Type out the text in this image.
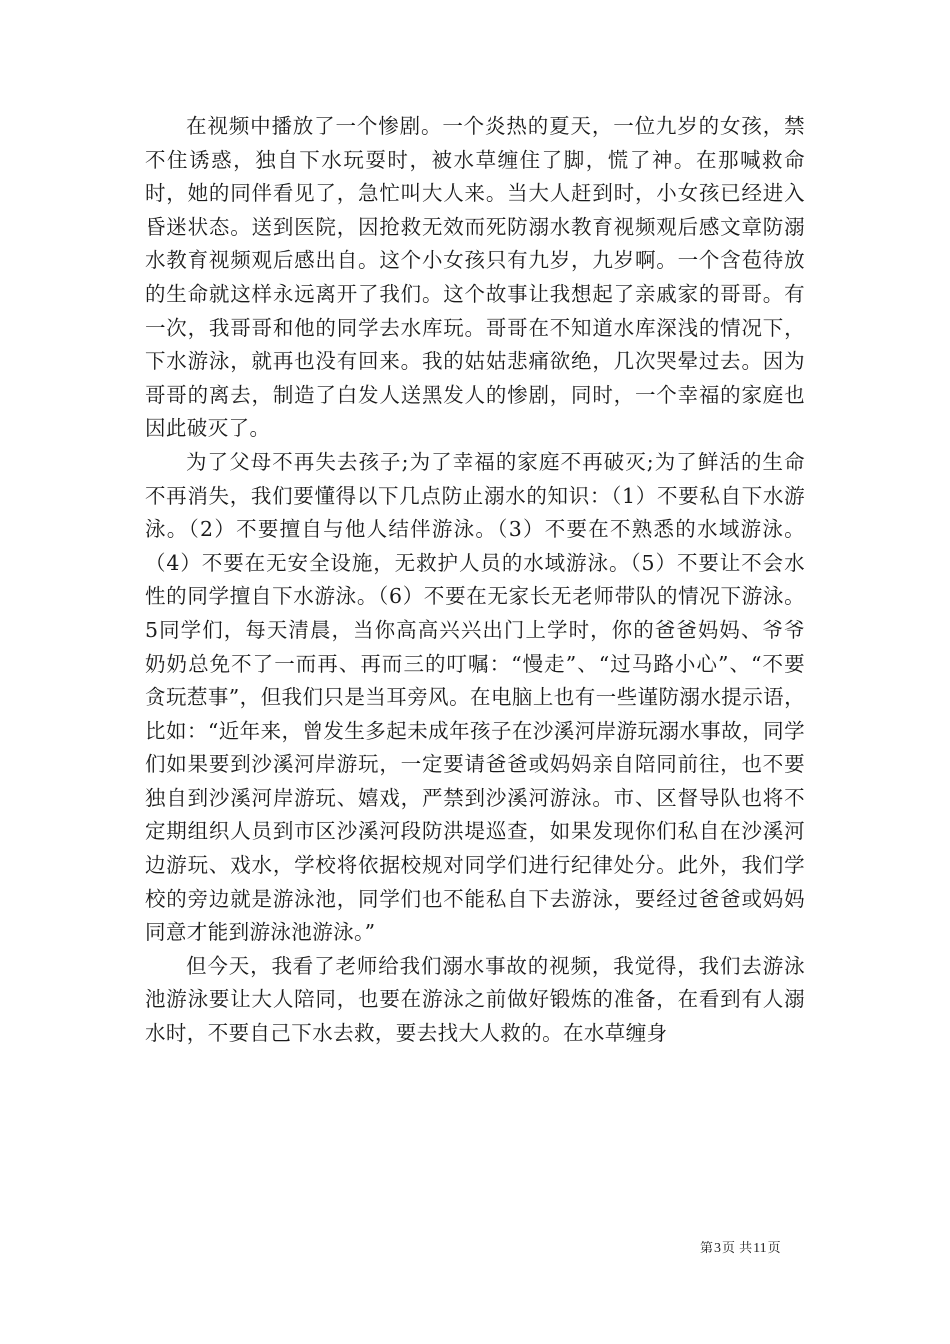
在视频中播放了一个惨剧。一个炎热的夏天，一位九岁的女孩，禁不住诱惑，独自下水玩耍时，被水草缠住了脚，慌了神。在那喊救命时，她的同伴看见了，急忙叫大人来。当大人赶到时，小女孩已经进入昏迷状态。送到医院，因抢救无效而死防溺水教育视频观后感文章防溺水教育视频观后感出自。这个小女孩只有九岁，九岁啊。一个含苞待放的生命就这样永远离开了我们。这个故事让我想起了亲戚家的哥哥。有一次，我哥哥和他的同学去水库玩。哥哥在不知道水库深浅的情况下，下水游泳，就再也没有回来。我的姑姑悲痛欲绝，几次哭晕过去。因为哥哥的离去，制造了白发人送黑发人的惨剧，同时，一个幸福的家庭也因此破灭了。

为了父母不再失去孩子;为了幸福的家庭不再破灭;为了鲜活的生命不再消失，我们要懂得以下几点防止溺水的知识：（1）不要私自下水游泳。（2）不要擅自与他人结伴游泳。（3）不要在不熟悉的水域游泳。（4）不要在无安全设施，无救护人员的水域游泳。（5）不要让不会水性的同学擅自下水游泳。（6）不要在无家长无老师带队的情况下游泳。5同学们，每天清晨，当你高高兴兴出门上学时，你的爸爸妈妈、爷爷奶奶总免不了一而再、再而三的叮嘱：“慢走”、“过马路小心”、“不要贪玩惹事”，但我们只是当耳旁风。在电脑上也有一些谨防溺水提示语，比如：“近年来，曾发生多起未成年孩子在沙溪河岸游玩溺水事故，同学们如果要到沙溪河岸游玩，一定要请爸爸或妈妈亲自陪同前往，也不要独自到沙溪河岸游玩、嬉戏，严禁到沙溪河游泳。市、区督导队也将不定期组织人员到市区沙溪河段防洪堤巡查，如果发现你们私自在沙溪河边游玩、戏水，学校将依据校规对同学们进行纪律处分。此外，我们学校的旁边就是游泳池，同学们也不能私自下去游泳，要经过爸爸或妈妈同意才能到游泳池游泳。”

但今天，我看了老师给我们溺水事故的视频，我觉得，我们去游泳池游泳要让大人陪同，也要在游泳之前做好锻炼的准备，在看到有人溺水时，不要自己下水去救，要去找大人救的。在水草缠身

第3页 共11页
